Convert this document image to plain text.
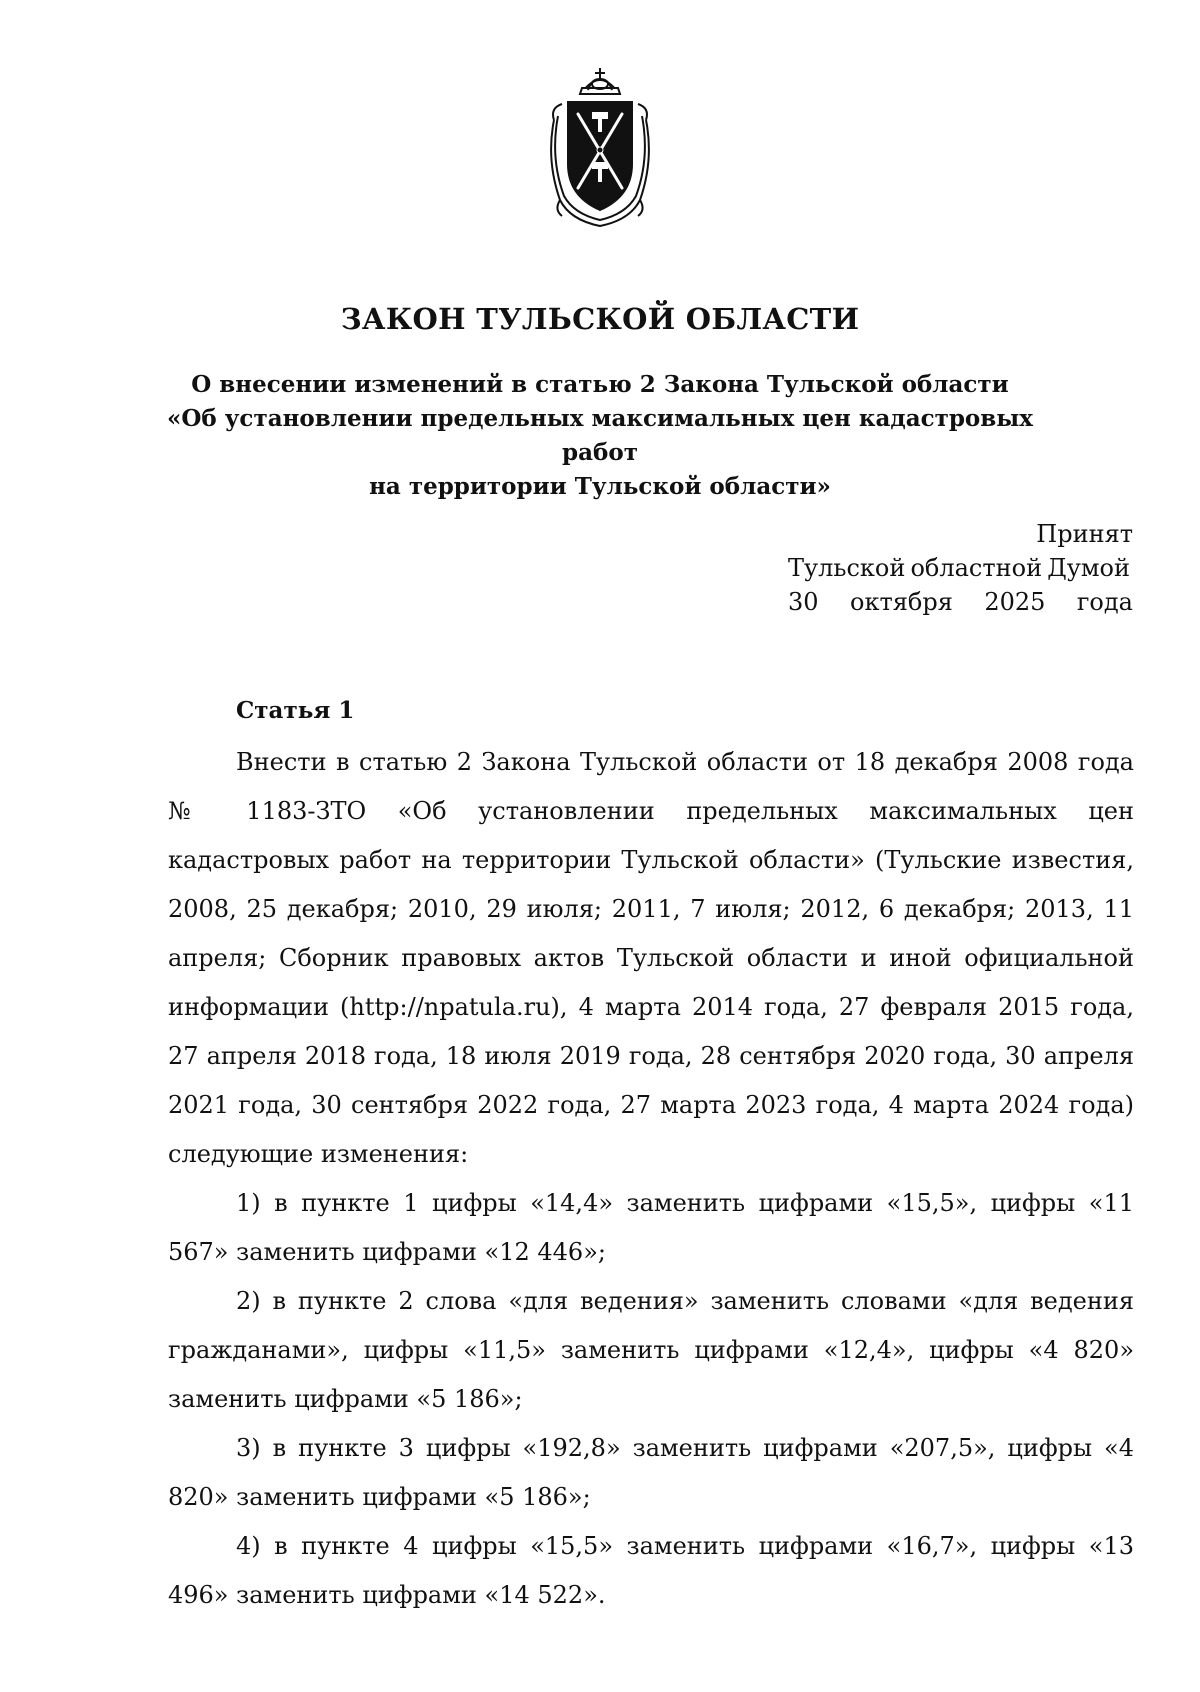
ЗАКОН ТУЛЬСКОЙ ОБЛАСТИ
О внесении изменений в статью 2 Закона Тульской области
«Об установлении предельных максимальных цен кадастровых работ
на территории Тульской области»
Принят
Тульской областной Думой
30 октября 2025 года
Статья 1

Внести в статью 2 Закона Тульской области от 18 декабря 2008 года № 1183-ЗТО «Об установлении предельных максимальных цен кадастровых работ на территории Тульской области» (Тульские известия, 2008, 25 декабря; 2010, 29 июля; 2011, 7 июля; 2012, 6 декабря; 2013, 11 апреля; Сборник правовых актов Тульской области и иной официальной информации (http://npatula.ru), 4 марта 2014 года, 27 февраля 2015 года, 27 апреля 2018 года, 18 июля 2019 года, 28 сентября 2020 года, 30 апреля 2021 года, 30 сентября 2022 года, 27 марта 2023 года, 4 марта 2024 года) следующие изменения:

1) в пункте 1 цифры «14,4» заменить цифрами «15,5», цифры «11 567» заменить цифрами «12 446»;

2) в пункте 2 слова «для ведения» заменить словами «для ведения гражданами», цифры «11,5» заменить цифрами «12,4», цифры «4 820» заменить цифрами «5 186»;

3) в пункте 3 цифры «192,8» заменить цифрами «207,5», цифры «4 820» заменить цифрами «5 186»;

4) в пункте 4 цифры «15,5» заменить цифрами «16,7», цифры «13 496» заменить цифрами «14 522».
